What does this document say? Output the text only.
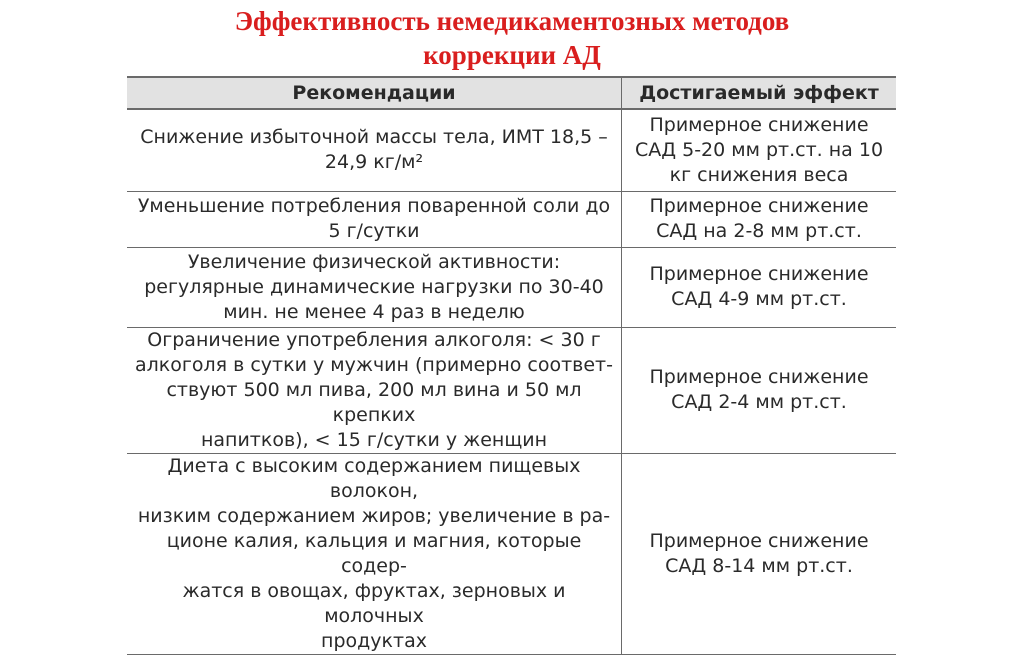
Эффективность немедикаментозных методов
коррекции АД
Рекомендации	Достигаемый эффект

Снижение избыточной массы тела, ИМТ 18,5 –
24,9 кг/м²	Примерное снижение
САД 5-20 мм рт.ст. на 10
кг снижения веса

Уменьшение потребления поваренной соли до
5 г/сутки	Примерное снижение
САД на 2-8 мм рт.ст.

Увеличение физической активности:
регулярные динамические нагрузки по 30-40
мин. не менее 4 раз в неделю	Примерное снижение
САД 4-9 мм рт.ст.

Ограничение употребления алкоголя: < 30 г
алкоголя в сутки у мужчин (примерно соответ-
ствуют 500 мл пива, 200 мл вина и 50 мл крепких
напитков), < 15 г/сутки у женщин	Примерное снижение
САД 2-4 мм рт.ст.

Диета с высоким содержанием пищевых волокон,
низким содержанием жиров; увеличение в ра-
ционе калия, кальция и магния, которые содер-
жатся в овощах, фруктах, зерновых и молочных
продуктах	Примерное снижение
САД 8-14 мм рт.ст.
